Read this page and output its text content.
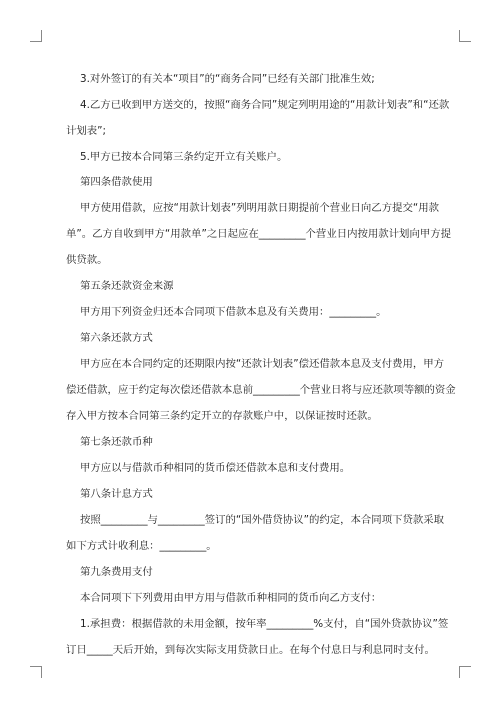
3.对外签订的有关本“项目”的“商务合同”已经有关部门批准生效;
4.乙方已收到甲方送交的，按照“商务合同”规定列明用途的“用款计划表”和“还款
计划表”;
5.甲方已按本合同第三条约定开立有关账户。
第四条借款使用
甲方使用借款，应按“用款计划表”列明用款日期提前个营业日向乙方提交“用款
单”。乙方自收到甲方“用款单”之日起应在_________个营业日内按用款计划向甲方提
供贷款。
第五条还款资金来源
甲方用下列资金归还本合同项下借款本息及有关费用：_________。
第六条还款方式
甲方应在本合同约定的还期限内按“还款计划表”偿还借款本息及支付费用，甲方
偿还借款，应于约定每次偿还借款本息前_________个营业日将与应还款项等额的资金
存入甲方按本合同第三条约定开立的存款账户中，以保证按时还款。
第七条还款币种
甲方应以与借款币种相同的货币偿还借款本息和支付费用。
第八条计息方式
按照_________与_________签订的“国外借贷协议”的约定，本合同项下贷款采取
如下方式计收利息：_________。
第九条费用支付
本合同项下下列费用由甲方用与借款币种相同的货币向乙方支付：
1.承担费：根据借款的未用金额，按年率_________%支付，自“国外贷款协议”签
订日_____天后开始，到每次实际支用贷款日止。在每个付息日与利息同时支付。
